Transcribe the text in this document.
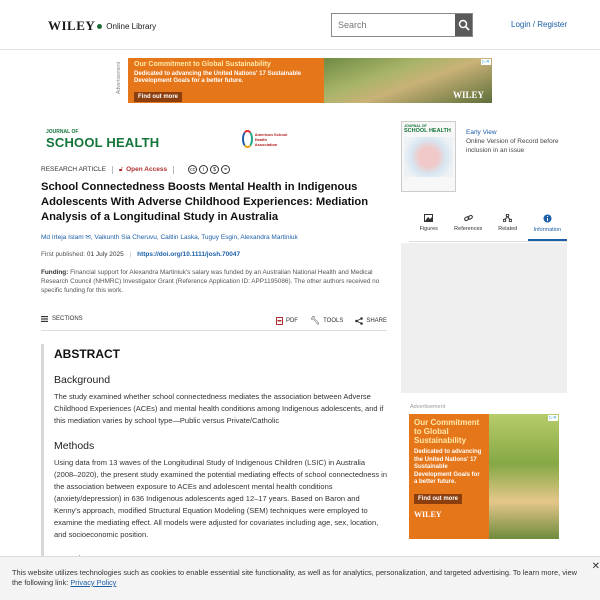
WILEY Online Library
Search	Login / Register
Advertisement Our Commitment to Global Sustainability
Dedicated to advancing the United Nations' 17 Sustainable Development Goals for a better future.
Find out more	WILEY
▷✕
JOURNAL OF
SCHOOL HEALTH
American School Health Association
RESEARCH ARTICLE 🔓︎ Open Access	cc	i	$	=
School Connectedness Boosts Mental Health in Indigenous Adolescents With Adverse Childhood Experiences: Mediation Analysis of a Longitudinal Study in Australia
Md Irteja Islam ✉, Vaikunth Sia Cheruvu, Caitlin Laska, Tuguy Esgin, Alexandra Martiniuk
First published: 01 July 2025 | https://doi.org/10.1111/josh.70047
Funding: Financial support for Alexandra Martiniuk's salary was funded by an Australian National Health and Medical Research Council (NHMRC) Investigator Grant (Reference Application ID: APP1195086). The other authors received no specific funding for this work.
SECTIONS	PDF 🔧︎ TOOLS	SHARE
ABSTRACT
Background

The study examined whether school connectedness mediates the association between Adverse Childhood Experiences (ACEs) and mental health conditions among Indigenous adolescents, and if this mediation varies by school type—Public versus Private/Catholic

Methods

Using data from 13 waves of the Longitudinal Study of Indigenous Children (LSIC) in Australia (2008–2020), the present study examined the potential mediating effects of school connectedness in the association between exposure to ACEs and adolescent mental health conditions (anxiety/depression) in 636 Indigenous adolescents aged 12–17 years. Based on Baron and Kenny's approach, modified Structural Equation Modeling (SEM) techniques were employed to examine the mediating effect. All models were adjusted for covariates including age, sex, location, and socioeconomic position.

JOURNAL OF
SCHOOL HEALTH	Early View
Online Version of Record before inclusion in an issue
Figures	References	Related	Information
Advertisement
Our Commitment to Global Sustainability
Dedicated to advancing the United Nations' 17 Sustainable Development Goals for a better future.
Find out more
WILEY
▷✕
This website utilizes technologies such as cookies to enable essential site functionality, as well as for analytics, personalization, and targeted advertising. To learn more, view the following link: Privacy Policy
✕
